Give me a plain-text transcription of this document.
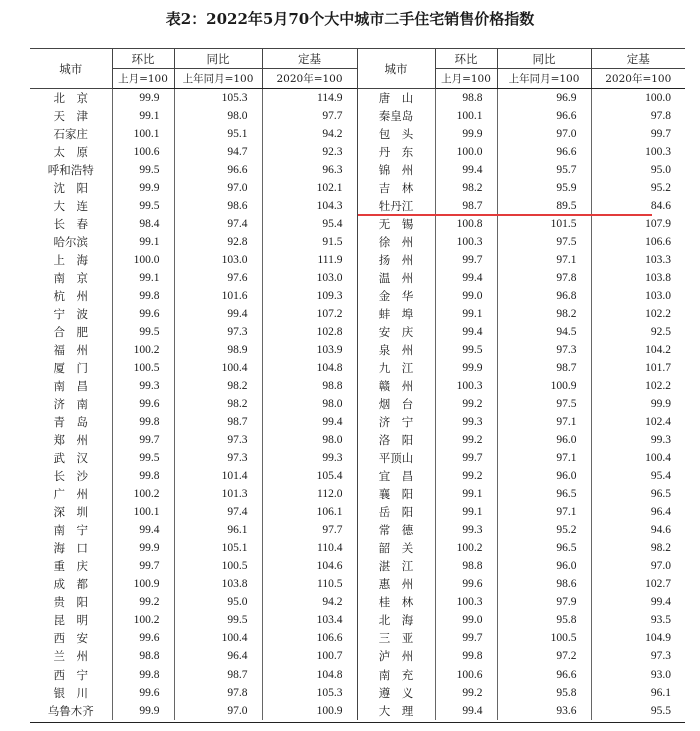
表2：2022年5月70个大中城市二手住宅销售价格指数
城市	环比	同比	定基	城市	环比	同比	定基
	上月=100	上年同月=100	2020年=100		上月=100	上年同月=100	2020年=100
北　京	99.9	105.3	114.9	唐　山	98.8	96.9	100.0
天　津	99.1	98.0	97.7	秦皇岛	100.1	96.6	97.8
石家庄	100.1	95.1	94.2	包　头	99.9	97.0	99.7
太　原	100.6	94.7	92.3	丹　东	100.0	96.6	100.3
呼和浩特	99.5	96.6	96.3	锦　州	99.4	95.7	95.0
沈　阳	99.9	97.0	102.1	吉　林	98.2	95.9	95.2
大　连	99.5	98.6	104.3	牡丹江	98.7	89.5	84.6
长　春	98.4	97.4	95.4	无　锡	100.8	101.5	107.9
哈尔滨	99.1	92.8	91.5	徐　州	100.3	97.5	106.6
上　海	100.0	103.0	111.9	扬　州	99.7	97.1	103.3
南　京	99.1	97.6	103.0	温　州	99.4	97.8	103.8
杭　州	99.8	101.6	109.3	金　华	99.0	96.8	103.0
宁　波	99.6	99.4	107.2	蚌　埠	99.1	98.2	102.2
合　肥	99.5	97.3	102.8	安　庆	99.4	94.5	92.5
福　州	100.2	98.9	103.9	泉　州	99.5	97.3	104.2
厦　门	100.5	100.4	104.8	九　江	99.9	98.7	101.7
南　昌	99.3	98.2	98.8	赣　州	100.3	100.9	102.2
济　南	99.6	98.2	98.0	烟　台	99.2	97.5	99.9
青　岛	99.8	98.7	99.4	济　宁	99.3	97.1	102.4
郑　州	99.7	97.3	98.0	洛　阳	99.2	96.0	99.3
武　汉	99.5	97.3	99.3	平顶山	99.7	97.1	100.4
长　沙	99.8	101.4	105.4	宜　昌	99.2	96.0	95.4
广　州	100.2	101.3	112.0	襄　阳	99.1	96.5	96.5
深　圳	100.1	97.4	106.1	岳　阳	99.1	97.1	96.4
南　宁	99.4	96.1	97.7	常　德	99.3	95.2	94.6
海　口	99.9	105.1	110.4	韶　关	100.2	96.5	98.2
重　庆	99.7	100.5	104.6	湛　江	98.8	96.0	97.0
成　都	100.9	103.8	110.5	惠　州	99.6	98.6	102.7
贵　阳	99.2	95.0	94.2	桂　林	100.3	97.9	99.4
昆　明	100.2	99.5	103.4	北　海	99.0	95.8	93.5
西　安	99.6	100.4	106.6	三　亚	99.7	100.5	104.9
兰　州	98.8	96.4	100.7	泸　州	99.8	97.2	97.3
西　宁	99.8	98.7	104.8	南　充	100.6	96.6	93.0
银　川	99.6	97.8	105.3	遵　义	99.2	95.8	96.1
乌鲁木齐	99.9	97.0	100.9	大　理	99.4	93.6	95.5
